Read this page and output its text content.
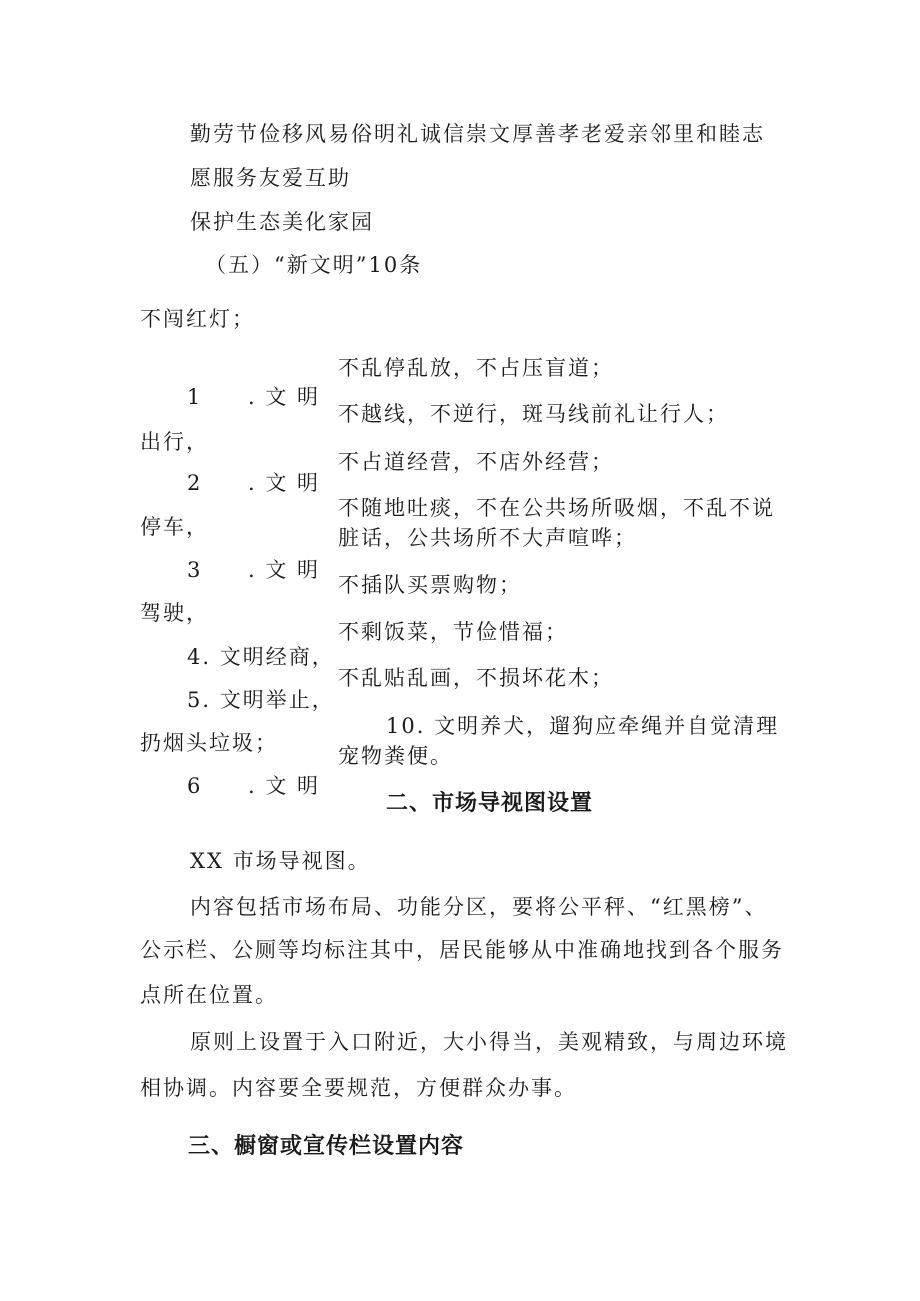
勤劳节俭移风易俗明礼诚信崇文厚善孝老爱亲邻里和睦志
愿服务友爱互助
保护生态美化家园
（五）“新文明”10条
不闯红灯；
1 . 文 明
出行，
2 . 文 明
停车，
3 . 文 明
驾驶，
4. 文明经商，
5. 文明举止，
扔烟头垃圾；
6 . 文 明
不乱停乱放，不占压盲道；
不越线，不逆行，斑马线前礼让行人；
不占道经营，不店外经营；
不随地吐痰，不在公共场所吸烟，不乱不说
脏话，公共场所不大声喧哗；
不插队买票购物；
不剩饭菜，节俭惜福；
不乱贴乱画，不损坏花木；
10. 文明养犬，遛狗应牵绳并自觉清理
宠物粪便。
二、市场导视图设置
XX 市场导视图。
内容包括市场布局、功能分区，要将公平秤、“红黑榜”、
公示栏、公厕等均标注其中，居民能够从中准确地找到各个服务
点所在位置。
原则上设置于入口附近，大小得当，美观精致，与周边环境
相协调。内容要全要规范，方便群众办事。
三、橱窗或宣传栏设置内容
